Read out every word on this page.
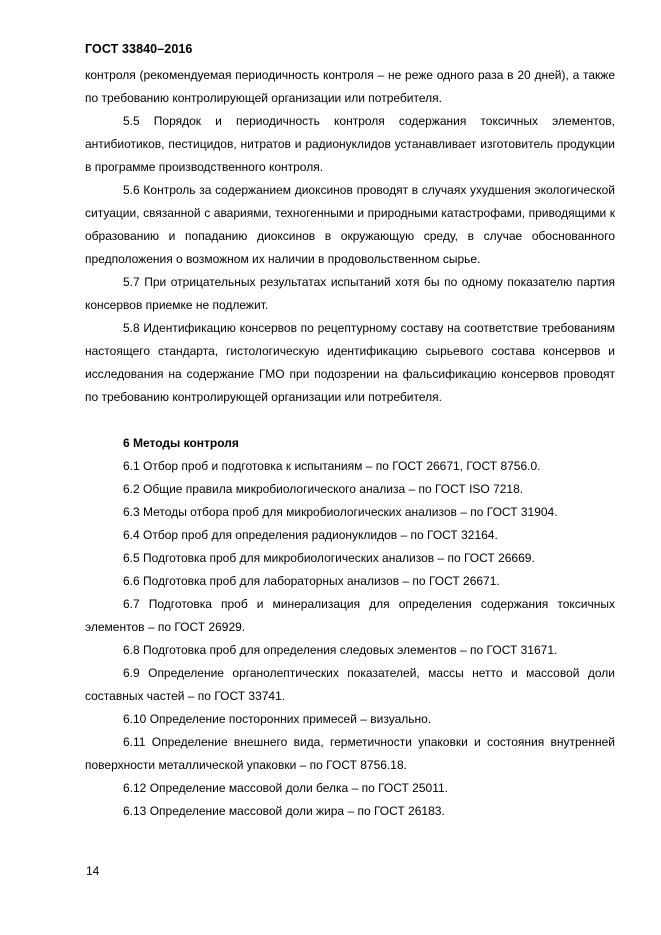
ГОСТ 33840–2016

контроля (рекомендуемая периодичность контроля – не реже одного раза в 20 дней), а также по требованию контролирующей организации или потребителя.

5.5 Порядок и периодичность контроля содержания токсичных элементов, антибиотиков, пестицидов, нитратов и радионуклидов устанавливает изготовитель продукции в программе производственного контроля.

5.6 Контроль за содержанием диоксинов проводят в случаях ухудшения экологической ситуации, связанной с авариями, техногенными и природными катастрофами, приводящими к образованию и попаданию диоксинов в окружающую среду, в случае обоснованного предположения о возможном их наличии в продовольственном сырье.

5.7 При отрицательных результатах испытаний хотя бы по одному показателю партия консервов приемке не подлежит.

5.8 Идентификацию консервов по рецептурному составу на соответствие требованиям настоящего стандарта, гистологическую идентификацию сырьевого состава консервов и исследования на содержание ГМО при подозрении на фальсификацию консервов проводят по требованию контролирующей организации или потребителя.

6 Методы контроля

6.1 Отбор проб и подготовка к испытаниям – по ГОСТ 26671, ГОСТ 8756.0.

6.2 Общие правила микробиологического анализа – по ГОСТ ISO 7218.

6.3 Методы отбора проб для микробиологических анализов – по ГОСТ 31904.

6.4 Отбор проб для определения радионуклидов – по ГОСТ 32164.

6.5 Подготовка проб для микробиологических анализов – по ГОСТ 26669.

6.6 Подготовка проб для лабораторных анализов – по ГОСТ 26671.

6.7 Подготовка проб и минерализация для определения содержания токсичных элементов – по ГОСТ 26929.

6.8 Подготовка проб для определения следовых элементов – по ГОСТ 31671.

6.9 Определение органолептических показателей, массы нетто и массовой доли составных частей – по ГОСТ 33741.

6.10 Определение посторонних примесей – визуально.

6.11 Определение внешнего вида, герметичности упаковки и состояния внутренней поверхности металлической упаковки – по ГОСТ 8756.18.

6.12 Определение массовой доли белка – по ГОСТ 25011.

6.13 Определение массовой доли жира – по ГОСТ 26183.

14
